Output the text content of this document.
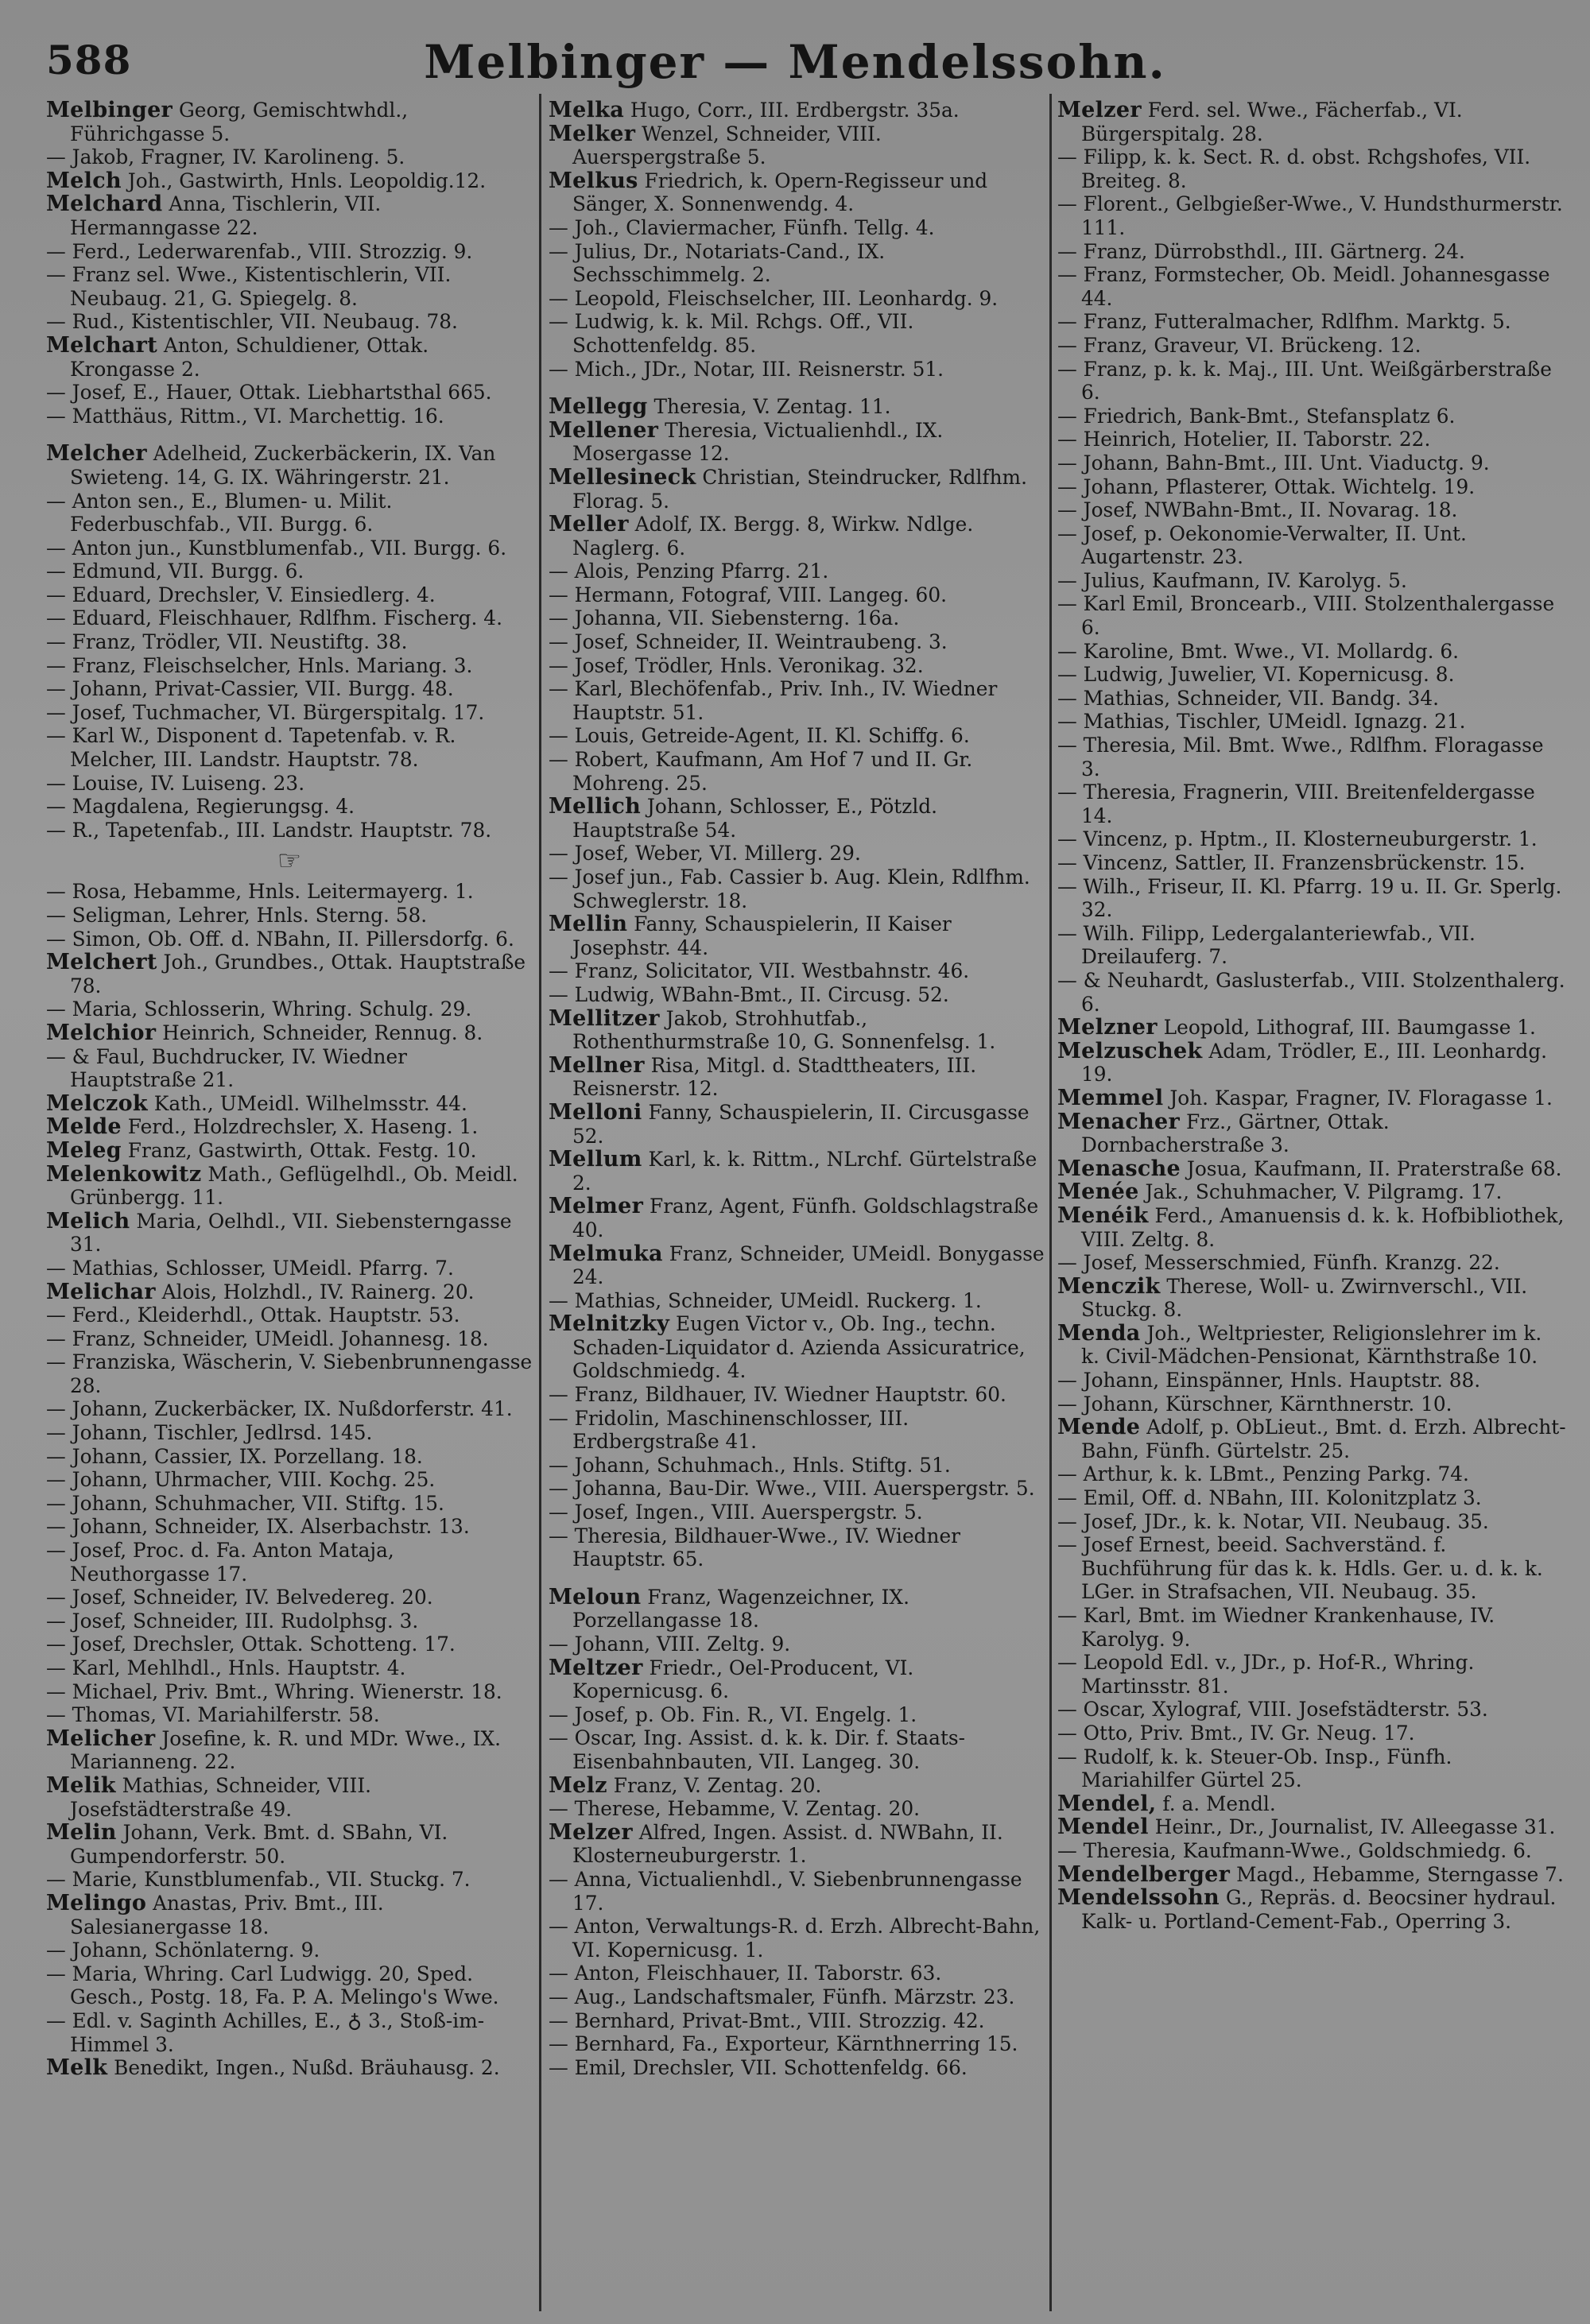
588	Melbinger — Mendelssohn.

Melbinger Georg, Gemischtwhdl., Führichgasse 5.

— Jakob, Fragner, IV. Karolineng. 5.

Melch Joh., Gastwirth, Hnls. Leopoldig.12.

Melchard Anna, Tischlerin, VII. Hermanngasse 22.

— Ferd., Lederwarenfab., VIII. Strozzig. 9.

— Franz sel. Wwe., Kistentischlerin, VII. Neubaug. 21, G. Spiegelg. 8.

— Rud., Kistentischler, VII. Neubaug. 78.

Melchart Anton, Schuldiener, Ottak. Krongasse 2.

— Josef, E., Hauer, Ottak. Liebhartsthal 665.

— Matthäus, Rittm., VI. Marchettig. 16.

Melcher Adelheid, Zuckerbäckerin, IX. Van Swieteng. 14, G. IX. Währingerstr. 21.

— Anton sen., E., Blumen- u. Milit. Federbuschfab., VII. Burgg. 6.

— Anton jun., Kunstblumenfab., VII. Burgg. 6.

— Edmund, VII. Burgg. 6.

— Eduard, Drechsler, V. Einsiedlerg. 4.

— Eduard, Fleischhauer, Rdlfhm. Fischerg. 4.

— Franz, Trödler, VII. Neustiftg. 38.

— Franz, Fleischselcher, Hnls. Mariang. 3.

— Johann, Privat-Cassier, VII. Burgg. 48.

— Josef, Tuchmacher, VI. Bürgerspitalg. 17.

— Karl W., Disponent d. Tapetenfab. v. R. Melcher, III. Landstr. Hauptstr. 78.

— Louise, IV. Luiseng. 23.

— Magdalena, Regierungsg. 4.

— R., Tapetenfab., III. Landstr. Hauptstr. 78.

☞

— Rosa, Hebamme, Hnls. Leitermayerg. 1.

— Seligman, Lehrer, Hnls. Sterng. 58.

— Simon, Ob. Off. d. NBahn, II. Pillersdorfg. 6.

Melchert Joh., Grundbes., Ottak. Hauptstraße 78.

— Maria, Schlosserin, Whring. Schulg. 29.

Melchior Heinrich, Schneider, Rennug. 8.

— & Faul, Buchdrucker, IV. Wiedner Hauptstraße 21.

Melczok Kath., UMeidl. Wilhelmsstr. 44.

Melde Ferd., Holzdrechsler, X. Haseng. 1.

Meleg Franz, Gastwirth, Ottak. Festg. 10.

Melenkowitz Math., Geflügelhdl., Ob. Meidl. Grünbergg. 11.

Melich Maria, Oelhdl., VII. Siebensterngasse 31.

— Mathias, Schlosser, UMeidl. Pfarrg. 7.

Melichar Alois, Holzhdl., IV. Rainerg. 20.

— Ferd., Kleiderhdl., Ottak. Hauptstr. 53.

— Franz, Schneider, UMeidl. Johannesg. 18.

— Franziska, Wäscherin, V. Siebenbrunnengasse 28.

— Johann, Zuckerbäcker, IX. Nußdorferstr. 41.

— Johann, Tischler, Jedlrsd. 145.

— Johann, Cassier, IX. Porzellang. 18.

— Johann, Uhrmacher, VIII. Kochg. 25.

— Johann, Schuhmacher, VII. Stiftg. 15.

— Johann, Schneider, IX. Alserbachstr. 13.

— Josef, Proc. d. Fa. Anton Mataja, Neuthorgasse 17.

— Josef, Schneider, IV. Belvedereg. 20.

— Josef, Schneider, III. Rudolphsg. 3.

— Josef, Drechsler, Ottak. Schotteng. 17.

— Karl, Mehlhdl., Hnls. Hauptstr. 4.

— Michael, Priv. Bmt., Whring. Wienerstr. 18.

— Thomas, VI. Mariahilferstr. 58.

Melicher Josefine, k. R. und MDr. Wwe., IX. Marianneng. 22.

Melik Mathias, Schneider, VIII. Josefstädterstraße 49.

Melin Johann, Verk. Bmt. d. SBahn, VI. Gumpendorferstr. 50.

— Marie, Kunstblumenfab., VII. Stuckg. 7.

Melingo Anastas, Priv. Bmt., III. Salesianergasse 18.

— Johann, Schönlaterng. 9.

— Maria, Whring. Carl Ludwigg. 20, Sped. Gesch., Postg. 18, Fa. P. A. Melingo's Wwe.

— Edl. v. Saginth Achilles, E., ♁ 3., Stoß-im-Himmel 3.

Melk Benedikt, Ingen., Nußd. Bräuhausg. 2.

Melka Hugo, Corr., III. Erdbergstr. 35a.

Melker Wenzel, Schneider, VIII. Auerspergstraße 5.

Melkus Friedrich, k. Opern-Regisseur und Sänger, X. Sonnenwendg. 4.

— Joh., Claviermacher, Fünfh. Tellg. 4.

— Julius, Dr., Notariats-Cand., IX. Sechsschimmelg. 2.

— Leopold, Fleischselcher, III. Leonhardg. 9.

— Ludwig, k. k. Mil. Rchgs. Off., VII. Schottenfeldg. 85.

— Mich., JDr., Notar, III. Reisnerstr. 51.

Mellegg Theresia, V. Zentag. 11.

Mellener Theresia, Victualienhdl., IX. Mosergasse 12.

Mellesineck Christian, Steindrucker, Rdlfhm. Florag. 5.

Meller Adolf, IX. Bergg. 8, Wirkw. Ndlge. Naglerg. 6.

— Alois, Penzing Pfarrg. 21.

— Hermann, Fotograf, VIII. Langeg. 60.

— Johanna, VII. Siebensterng. 16a.

— Josef, Schneider, II. Weintraubeng. 3.

— Josef, Trödler, Hnls. Veronikag. 32.

— Karl, Blechöfenfab., Priv. Inh., IV. Wiedner Hauptstr. 51.

— Louis, Getreide-Agent, II. Kl. Schiffg. 6.

— Robert, Kaufmann, Am Hof 7 und II. Gr. Mohreng. 25.

Mellich Johann, Schlosser, E., Pötzld. Hauptstraße 54.

— Josef, Weber, VI. Millerg. 29.

— Josef jun., Fab. Cassier b. Aug. Klein, Rdlfhm. Schweglerstr. 18.

Mellin Fanny, Schauspielerin, II Kaiser Josephstr. 44.

— Franz, Solicitator, VII. Westbahnstr. 46.

— Ludwig, WBahn-Bmt., II. Circusg. 52.

Mellitzer Jakob, Strohhutfab., Rothenthurmstraße 10, G. Sonnenfelsg. 1.

Mellner Risa, Mitgl. d. Stadttheaters, III. Reisnerstr. 12.

Melloni Fanny, Schauspielerin, II. Circusgasse 52.

Mellum Karl, k. k. Rittm., NLrchf. Gürtelstraße 2.

Melmer Franz, Agent, Fünfh. Goldschlagstraße 40.

Melmuka Franz, Schneider, UMeidl. Bonygasse 24.

— Mathias, Schneider, UMeidl. Ruckerg. 1.

Melnitzky Eugen Victor v., Ob. Ing., techn. Schaden-Liquidator d. Azienda Assicuratrice, Goldschmiedg. 4.

— Franz, Bildhauer, IV. Wiedner Hauptstr. 60.

— Fridolin, Maschinenschlosser, III. Erdbergstraße 41.

— Johann, Schuhmach., Hnls. Stiftg. 51.

— Johanna, Bau-Dir. Wwe., VIII. Auerspergstr. 5.

— Josef, Ingen., VIII. Auerspergstr. 5.

— Theresia, Bildhauer-Wwe., IV. Wiedner Hauptstr. 65.

Meloun Franz, Wagenzeichner, IX. Porzellangasse 18.

— Johann, VIII. Zeltg. 9.

Meltzer Friedr., Oel-Producent, VI. Kopernicusg. 6.

— Josef, p. Ob. Fin. R., VI. Engelg. 1.

— Oscar, Ing. Assist. d. k. k. Dir. f. Staats-Eisenbahnbauten, VII. Langeg. 30.

Melz Franz, V. Zentag. 20.

— Therese, Hebamme, V. Zentag. 20.

Melzer Alfred, Ingen. Assist. d. NWBahn, II. Klosterneuburgerstr. 1.

— Anna, Victualienhdl., V. Siebenbrunnengasse 17.

— Anton, Verwaltungs-R. d. Erzh. Albrecht-Bahn, VI. Kopernicusg. 1.

— Anton, Fleischhauer, II. Taborstr. 63.

— Aug., Landschaftsmaler, Fünfh. Märzstr. 23.

— Bernhard, Privat-Bmt., VIII. Strozzig. 42.

— Bernhard, Fa., Exporteur, Kärnthnerring 15.

— Emil, Drechsler, VII. Schottenfeldg. 66.

Melzer Ferd. sel. Wwe., Fächerfab., VI. Bürgerspitalg. 28.

— Filipp, k. k. Sect. R. d. obst. Rchgshofes, VII. Breiteg. 8.

— Florent., Gelbgießer-Wwe., V. Hundsthurmerstr. 111.

— Franz, Dürrobsthdl., III. Gärtnerg. 24.

— Franz, Formstecher, Ob. Meidl. Johannesgasse 44.

— Franz, Futteralmacher, Rdlfhm. Marktg. 5.

— Franz, Graveur, VI. Brückeng. 12.

— Franz, p. k. k. Maj., III. Unt. Weißgärberstraße 6.

— Friedrich, Bank-Bmt., Stefansplatz 6.

— Heinrich, Hotelier, II. Taborstr. 22.

— Johann, Bahn-Bmt., III. Unt. Viaductg. 9.

— Johann, Pflasterer, Ottak. Wichtelg. 19.

— Josef, NWBahn-Bmt., II. Novarag. 18.

— Josef, p. Oekonomie-Verwalter, II. Unt. Augartenstr. 23.

— Julius, Kaufmann, IV. Karolyg. 5.

— Karl Emil, Broncearb., VIII. Stolzenthalergasse 6.

— Karoline, Bmt. Wwe., VI. Mollardg. 6.

— Ludwig, Juwelier, VI. Kopernicusg. 8.

— Mathias, Schneider, VII. Bandg. 34.

— Mathias, Tischler, UMeidl. Ignazg. 21.

— Theresia, Mil. Bmt. Wwe., Rdlfhm. Floragasse 3.

— Theresia, Fragnerin, VIII. Breitenfeldergasse 14.

— Vincenz, p. Hptm., II. Klosterneuburgerstr. 1.

— Vincenz, Sattler, II. Franzensbrückenstr. 15.

— Wilh., Friseur, II. Kl. Pfarrg. 19 u. II. Gr. Sperlg. 32.

— Wilh. Filipp, Ledergalanteriewfab., VII. Dreilauferg. 7.

— & Neuhardt, Gaslusterfab., VIII. Stolzenthalerg. 6.

Melzner Leopold, Lithograf, III. Baumgasse 1.

Melzuschek Adam, Trödler, E., III. Leonhardg. 19.

Memmel Joh. Kaspar, Fragner, IV. Floragasse 1.

Menacher Frz., Gärtner, Ottak. Dornbacherstraße 3.

Menasche Josua, Kaufmann, II. Praterstraße 68.

Menée Jak., Schuhmacher, V. Pilgramg. 17.

Menéik Ferd., Amanuensis d. k. k. Hofbibliothek, VIII. Zeltg. 8.

— Josef, Messerschmied, Fünfh. Kranzg. 22.

Menczik Therese, Woll- u. Zwirnverschl., VII. Stuckg. 8.

Menda Joh., Weltpriester, Religionslehrer im k. k. Civil-Mädchen-Pensionat, Kärnthstraße 10.

— Johann, Einspänner, Hnls. Hauptstr. 88.

— Johann, Kürschner, Kärnthnerstr. 10.

Mende Adolf, p. ObLieut., Bmt. d. Erzh. Albrecht-Bahn, Fünfh. Gürtelstr. 25.

— Arthur, k. k. LBmt., Penzing Parkg. 74.

— Emil, Off. d. NBahn, III. Kolonitzplatz 3.

— Josef, JDr., k. k. Notar, VII. Neubaug. 35.

— Josef Ernest, beeid. Sachverständ. f. Buchführung für das k. k. Hdls. Ger. u. d. k. k. LGer. in Strafsachen, VII. Neubaug. 35.

— Karl, Bmt. im Wiedner Krankenhause, IV. Karolyg. 9.

— Leopold Edl. v., JDr., p. Hof-R., Whring. Martinsstr. 81.

— Oscar, Xylograf, VIII. Josefstädterstr. 53.

— Otto, Priv. Bmt., IV. Gr. Neug. 17.

— Rudolf, k. k. Steuer-Ob. Insp., Fünfh. Mariahilfer Gürtel 25.

Mendel, f. a. Mendl.

Mendel Heinr., Dr., Journalist, IV. Alleegasse 31.

— Theresia, Kaufmann-Wwe., Goldschmiedg. 6.

Mendelberger Magd., Hebamme, Sterngasse 7.

Mendelssohn G., Repräs. d. Beocsiner hydraul. Kalk- u. Portland-Cement-Fab., Operring 3.
